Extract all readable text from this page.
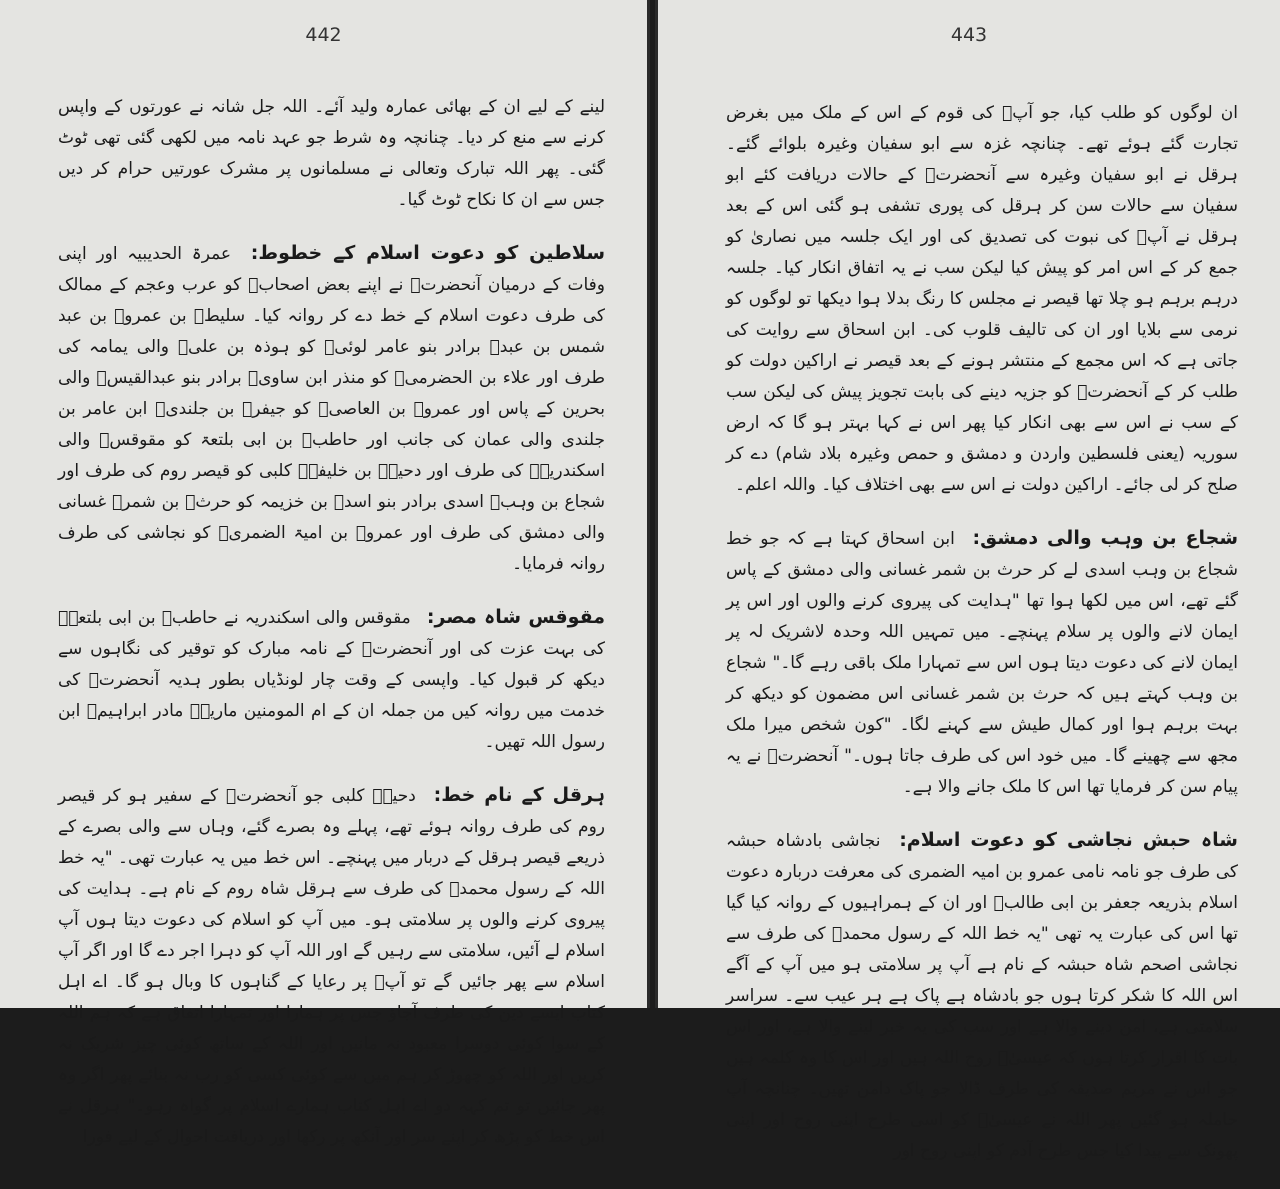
442

لینے کے لیے ان کے بھائی عمارہ ولید آئے۔ اللہ جل شانہ نے عورتوں کے واپس کرنے سے منع کر دیا۔ چنانچہ وہ شرط جو عہد نامہ میں لکھی گئی تھی ٹوٹ گئی۔ پھر اللہ تبارک وتعالی نے مسلمانوں پر مشرک عورتیں حرام کر دیں جس سے ان کا نکاح ٹوٹ گیا۔

سلاطین کو دعوت اسلام کے خطوط: عمرۃ الحدیبیہ اور اپنی وفات کے درمیان آنحضرتؐ نے اپنے بعض اصحابؓ کو عرب وعجم کے ممالک کی طرف دعوت اسلام کے خط دے کر روانہ کیا۔ سلیطؓ بن عمروؓ بن عبد شمس بن عبدؓ برادر بنو عامر لوئیؓ کو ہوذہ بن علیؓ والی یمامہ کی طرف اور علاء بن الحضرمیؓ کو منذر ابن ساویؓ برادر بنو عبدالقیسؓ والی بحرین کے پاس اور عمروؓ بن العاصیؓ کو جیفرؓ بن جلندیؓ ابن عامر بن جلندی والی عمان کی جانب اور حاطبؓ بن ابی بلتعۃ کو مقوقسؓ والی اسکندریہؓ کی طرف اور دحیہؓ بن خلیفہؓ کلبی کو قیصر روم کی طرف اور شجاع بن وہبؓ اسدی برادر بنو اسدؓ بن خزیمہ کو حرثؓ بن شمرؓ غسانی والی دمشق کی طرف اور عمروؓ بن امیۃ الضمریؓ کو نجاشی کی طرف روانہ فرمایا۔

مقوقس شاہ مصر: مقوقس والی اسکندریہ نے حاطبؓ بن ابی بلتعۃؓ کی بہت عزت کی اور آنحضرتؐ کے نامہ مبارک کو توقیر کی نگاہوں سے دیکھ کر قبول کیا۔ واپسی کے وقت چار لونڈیاں بطور ہدیہ آنحضرتؐ کی خدمت میں روانہ کیں من جملہ ان کے ام المومنین ماریہؓ مادر ابراہیمؓ ابن رسول اللہ تھیں۔

ہرقل کے نام خط: دحیہؓ کلبی جو آنحضرتؐ کے سفیر ہو کر قیصر روم کی طرف روانہ ہوئے تھے، پہلے وہ بصرے گئے، وہاں سے والی بصرے کے ذریعے قیصر ہرقل کے دربار میں پہنچے۔ اس خط میں یہ عبارت تھی۔ "یہ خط اللہ کے رسول محمدؐ کی طرف سے ہرقل شاہ روم کے نام ہے۔ ہدایت کی پیروی کرنے والوں پر سلامتی ہو۔ میں آپ کو اسلام کی دعوت دیتا ہوں آپ اسلام لے آئیں، سلامتی سے رہیں گے اور اللہ آپ کو دہرا اجر دے گا اور اگر آپ اسلام سے پھر جائیں گے تو آپؐ پر رعایا کے گناہوں کا وبال ہو گا۔ اے اہل کتاب ایسے دین کی طرف آجاؤ جس پر ہمارا اور تمہارا اتفاق ہے کہ ہم اللہ کے سوا کوئی دوسرا معبود نہ مانیں اور اللہ کے ساتھ کوئی چیز شریک نہ کریں اور اللہ کو چھوڑ کر ہم میں سے کوئی کسی کو رب نہ بنائے پھر اگر وہ پھر جائیں تو تم کہہ دو اے اہل کتاب ہمارے اسلام پر گواہ رہو۔" ہرقل نے اس خط کو پڑھ کر اپنے سر اور آنکھ پر رکھا اور دریافت احوال کے لیے فورا

443

ان لوگوں کو طلب کیا، جو آپؐ کی قوم کے اس کے ملک میں بغرض تجارت گئے ہوئے تھے۔ چنانچہ غزہ سے ابو سفیان وغیرہ بلوائے گئے۔ ہرقل نے ابو سفیان وغیرہ سے آنحضرتؐ کے حالات دریافت کئے ابو سفیان سے حالات سن کر ہرقل کی پوری تشفی ہو گئی اس کے بعد ہرقل نے آپؐ کی نبوت کی تصدیق کی اور ایک جلسہ میں نصاریٰ کو جمع کر کے اس امر کو پیش کیا لیکن سب نے یہ اتفاق انکار کیا۔ جلسہ درہم برہم ہو چلا تھا قیصر نے مجلس کا رنگ بدلا ہوا دیکھا تو لوگوں کو نرمی سے بلایا اور ان کی تالیف قلوب کی۔ ابن اسحاق سے روایت کی جاتی ہے کہ اس مجمع کے منتشر ہونے کے بعد قیصر نے اراکین دولت کو طلب کر کے آنحضرتؐ کو جزیہ دینے کی بابت تجویز پیش کی لیکن سب کے سب نے اس سے بھی انکار کیا پھر اس نے کہا بہتر ہو گا کہ ارض سوریہ (یعنی فلسطین واردن و دمشق و حمص وغیرہ بلاد شام) دے کر صلح کر لی جائے۔ اراکین دولت نے اس سے بھی اختلاف کیا۔ واللہ اعلم۔

شجاع بن وہب والی دمشق: ابن اسحاق کہتا ہے کہ جو خط شجاع بن وہب اسدی لے کر حرث بن شمر غسانی والی دمشق کے پاس گئے تھے، اس میں لکھا ہوا تھا "ہدایت کی پیروی کرنے والوں اور اس پر ایمان لانے والوں پر سلام پہنچے۔ میں تمہیں اللہ وحدہ لاشریک لہ پر ایمان لانے کی دعوت دیتا ہوں اس سے تمہارا ملک باقی رہے گا۔" شجاع بن وہب کہتے ہیں کہ حرث بن شمر غسانی اس مضمون کو دیکھ کر بہت برہم ہوا اور کمال طیش سے کہنے لگا۔ "کون شخص میرا ملک مجھ سے چھینے گا۔ میں خود اس کی طرف جاتا ہوں۔" آنحضرتؐ نے یہ پیام سن کر فرمایا تھا اس کا ملک جانے والا ہے۔

شاہ حبش نجاشی کو دعوت اسلام: نجاشی بادشاہ حبشہ کی طرف جو نامہ نامی عمرو بن امیہ الضمری کی معرفت دربارہ دعوت اسلام بذریعہ جعفر بن ابی طالبؓ اور ان کے ہمراہیوں کے روانہ کیا گیا تھا اس کی عبارت یہ تھی "یہ خط اللہ کے رسول محمدؐ کی طرف سے نجاشی اصحم شاہ حبشہ کے نام ہے آپ پر سلامتی ہو میں آپ کے آگے اس اللہ کا شکر کرتا ہوں جو بادشاہ ہے پاک ہے ہر عیب سے۔ سراسر سلامتی ہے، امن دینے والا ہے اور سب کی یہ خبر لینے والا ہے، اور اس بات کا اقرار کرتا ہوں کہ عیسیٰؑ روح اللہ ہیں اور اس کا وہ کلمہ ہیں جو اس نے مریم صدیقہ کی طرف ڈالا جو پاک دامن تھیں۔ چنانچہ آپ حاملہ ہو گئیں پھر اللہ نے عیسیٰؑ کو اسی طرح اپنی روح اور اپنی پھونک سے پیدا کیا جس طرح آدم کو اپنی روح اور
